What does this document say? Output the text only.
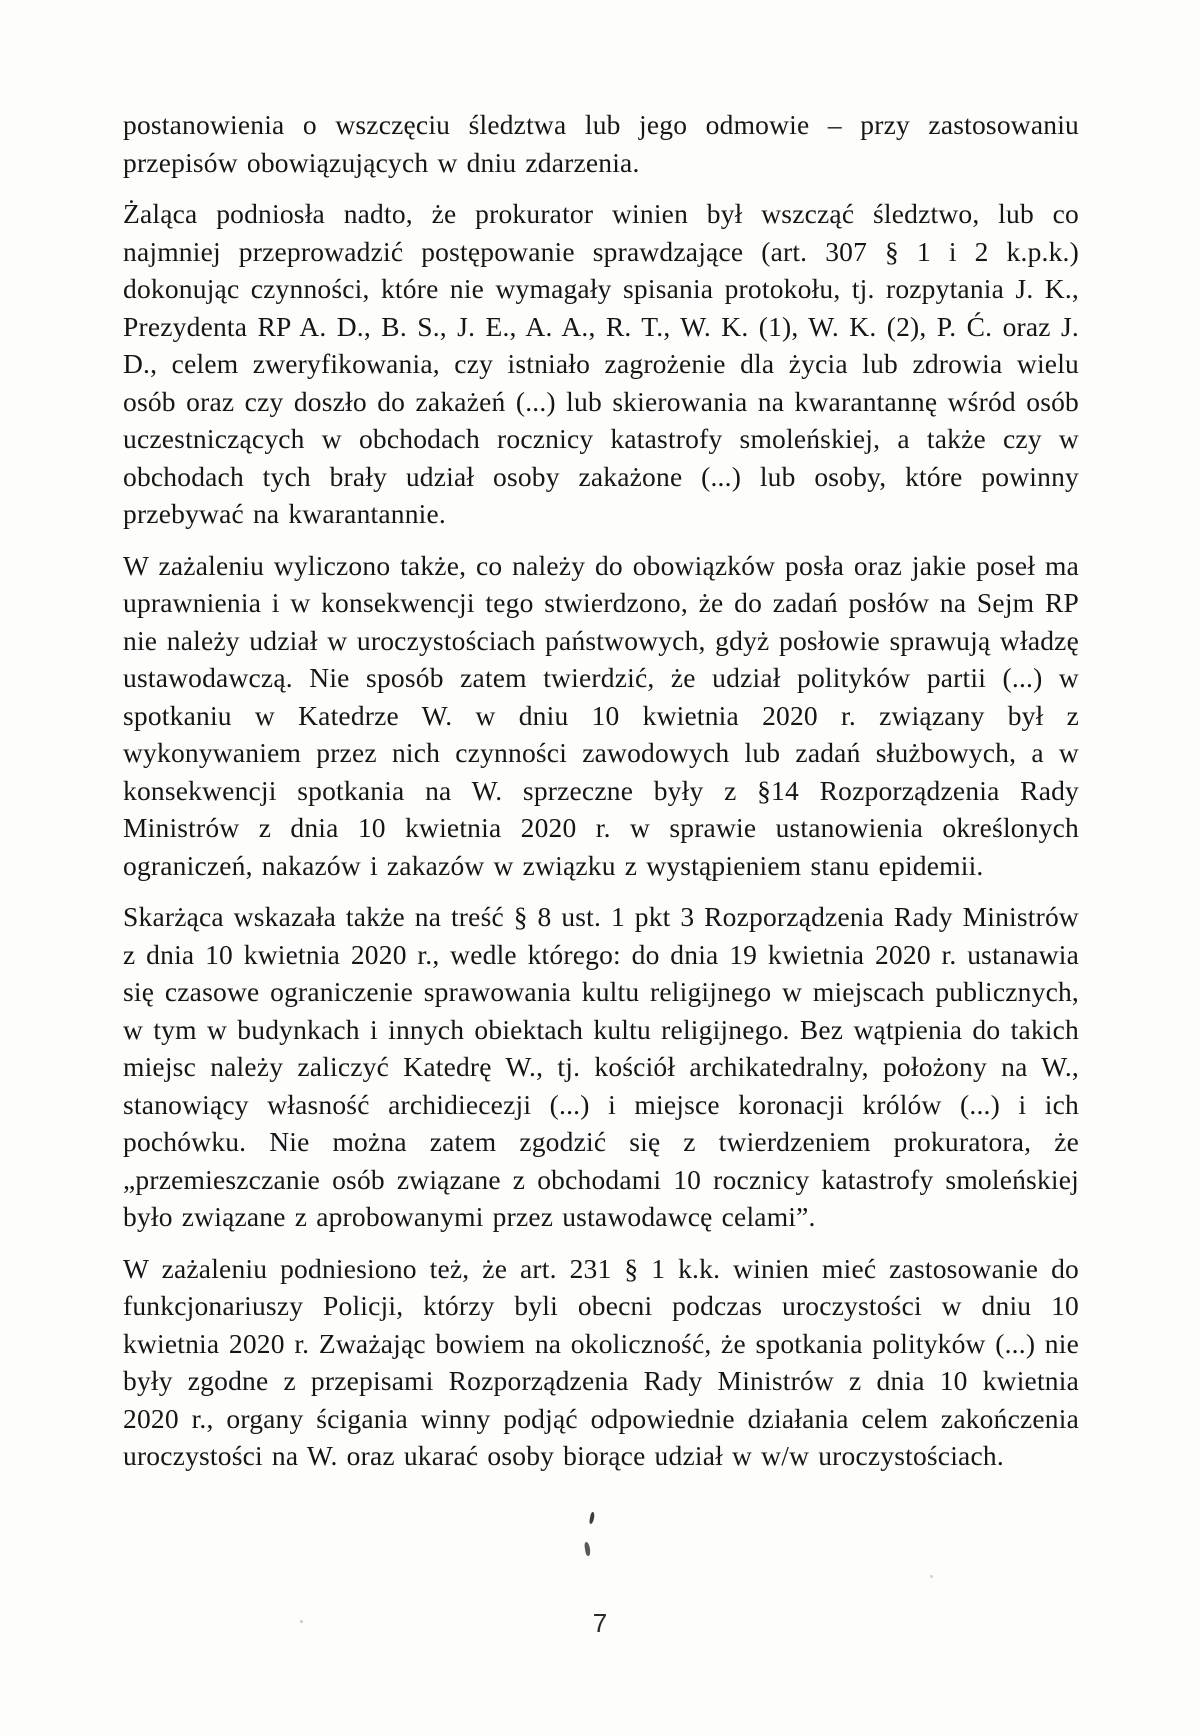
postanowienia o wszczęciu śledztwa lub jego odmowie – przy zastosowaniu przepisów obowiązujących w dniu zdarzenia.

Żaląca podniosła nadto, że prokurator winien był wszcząć śledztwo, lub co najmniej przeprowadzić postępowanie sprawdzające (art. 307 § 1 i 2 k.p.k.) dokonując czynności, które nie wymagały spisania protokołu, tj. rozpytania J. K., Prezydenta RP A. D., B. S., J. E., A. A., R. T., W. K. (1), W. K. (2), P. Ć. oraz J. D., celem zweryfikowania, czy istniało zagrożenie dla życia lub zdrowia wielu osób oraz czy doszło do zakażeń (...) lub skierowania na kwarantannę wśród osób uczestniczących w obchodach rocznicy katastrofy smoleńskiej, a także czy w obchodach tych brały udział osoby zakażone (...) lub osoby, które powinny przebywać na kwarantannie.

W zażaleniu wyliczono także, co należy do obowiązków posła oraz jakie poseł ma uprawnienia i w konsekwencji tego stwierdzono, że do zadań posłów na Sejm RP nie należy udział w uroczystościach państwowych, gdyż posłowie sprawują władzę ustawodawczą. Nie sposób zatem twierdzić, że udział polityków partii (...) w spotkaniu w Katedrze W. w dniu 10 kwietnia 2020 r. związany był z wykonywaniem przez nich czynności zawodowych lub zadań służbowych, a w konsekwencji spotkania na W. sprzeczne były z §14 Rozporządzenia Rady Ministrów z dnia 10 kwietnia 2020 r. w sprawie ustanowienia określonych ograniczeń, nakazów i zakazów w związku z wystąpieniem stanu epidemii.

Skarżąca wskazała także na treść § 8 ust. 1 pkt 3 Rozporządzenia Rady Ministrów z dnia 10 kwietnia 2020 r., wedle którego: do dnia 19 kwietnia 2020 r. ustanawia się czasowe ograniczenie sprawowania kultu religijnego w miejscach publicznych, w tym w budynkach i innych obiektach kultu religijnego. Bez wątpienia do takich miejsc należy zaliczyć Katedrę W., tj. kościół archikatedralny, położony na W., stanowiący własność archidiecezji (...) i miejsce koronacji królów (...) i ich pochówku. Nie można zatem zgodzić się z twierdzeniem prokuratora, że „przemieszczanie osób związane z obchodami 10 rocznicy katastrofy smoleńskiej było związane z aprobowanymi przez ustawodawcę celami”.

W zażaleniu podniesiono też, że art. 231 § 1 k.k. winien mieć zastosowanie do funkcjonariuszy Policji, którzy byli obecni podczas uroczystości w dniu 10 kwietnia 2020 r. Zważając bowiem na okoliczność, że spotkania polityków (...) nie były zgodne z przepisami Rozporządzenia Rady Ministrów z dnia 10 kwietnia 2020 r., organy ścigania winny podjąć odpowiednie działania celem zakończenia uroczystości na W. oraz ukarać osoby biorące udział w w/w uroczystościach.

7
